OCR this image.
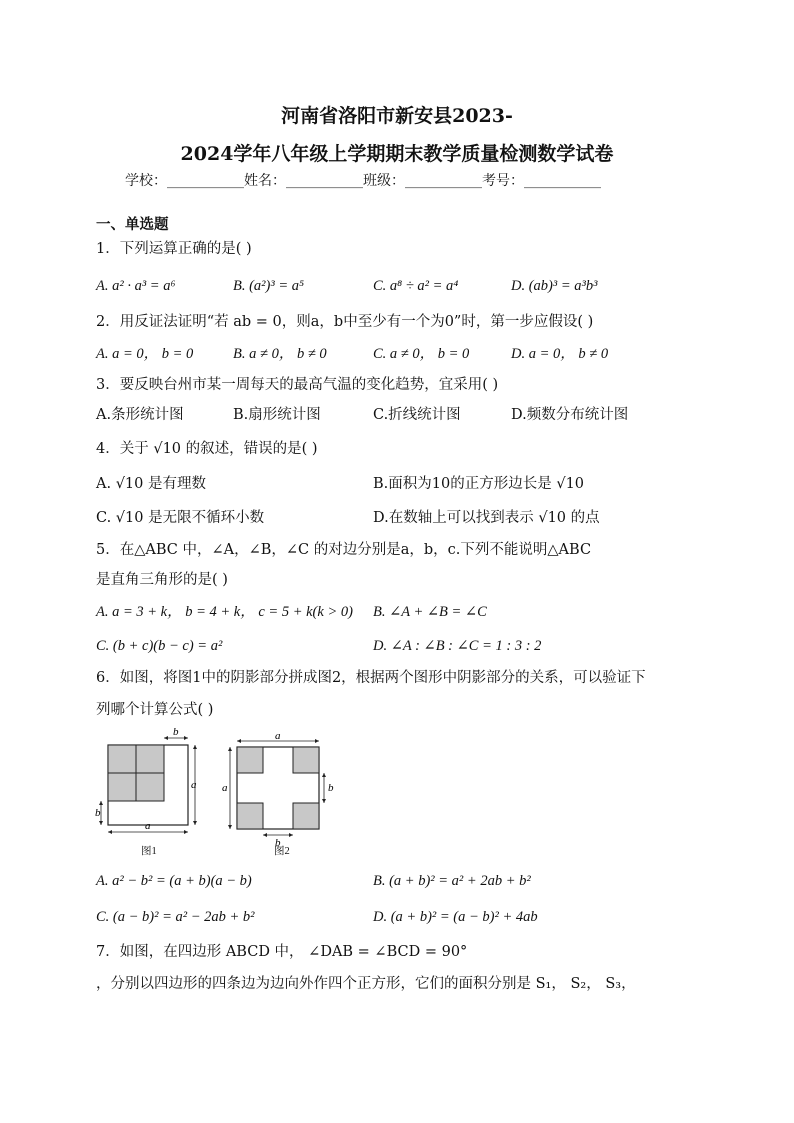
河南省洛阳市新安县2023-
2024学年八年级上学期期末教学质量检测数学试卷
学校：___________姓名：___________班级：___________考号：___________
一、单选题
1．下列运算正确的是( )
A. a² · a³ = a⁶	B. (a²)³ = a⁵	C. a⁸ ÷ a² = a⁴	D. (ab)³ = a³b³
2．用反证法证明“若 ab = 0，则a，b中至少有一个为0”时，第一步应假设( )
A. a = 0， b = 0	B. a ≠ 0， b ≠ 0	C. a ≠ 0， b = 0	D. a = 0， b ≠ 0
3．要反映台州市某一周每天的最高气温的变化趋势，宜采用( )
A.条形统计图	B.扇形统计图	C.折线统计图	D.频数分布统计图
4．关于 √10 的叙述，错误的是( )
A. √10 是有理数	B.面积为10的正方形边长是 √10
C. √10 是无限不循环小数	D.在数轴上可以找到表示 √10 的点
5．在△ABC 中，∠A，∠B，∠C 的对边分别是a，b，c.下列不能说明△ABC
是直角三角形的是( )
A. a = 3 + k， b = 4 + k， c = 5 + k(k > 0) B. ∠A + ∠B = ∠C
C. (b + c)(b − c) = a²	D. ∠A : ∠B : ∠C = 1 : 3 : 2
6．如图，将图1中的阴影部分拼成图2，根据两个图形中阴影部分的关系，可以验证下
列哪个计算公式( )
b
a
b
a
图1
a
a	b
b
图2
A. a² − b² = (a + b)(a − b)	B. (a + b)² = a² + 2ab + b²
C. (a − b)² = a² − 2ab + b²	D. (a + b)² = (a − b)² + 4ab
7．如图，在四边形 ABCD 中， ∠DAB = ∠BCD = 90°
，分别以四边形的四条边为边向外作四个正方形，它们的面积分别是 S₁， S₂， S₃，
